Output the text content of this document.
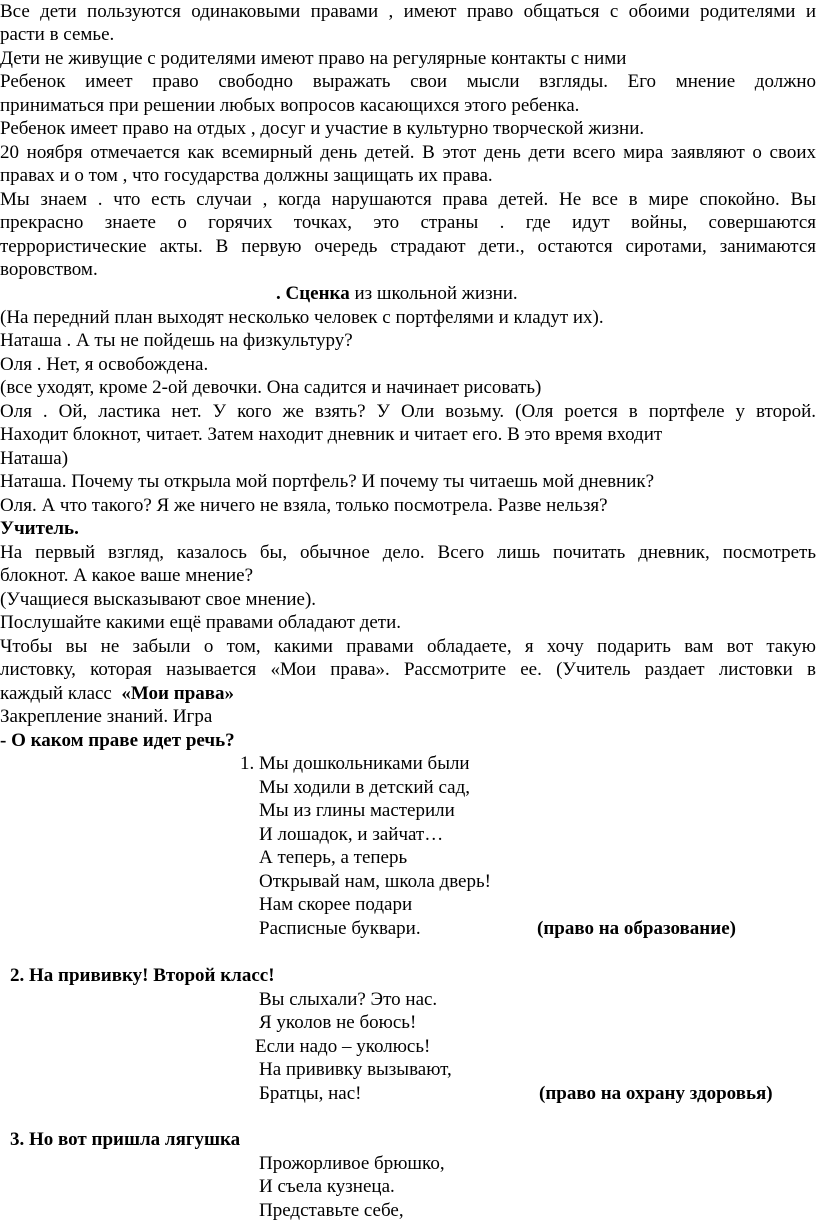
Все дети пользуются одинаковыми правами , имеют право общаться с обоими родителями и
расти в семье.
Дети не живущие с родителями имеют право на регулярные контакты с ними
Ребенок имеет право свободно выражать свои мысли взгляды. Его мнение должно
приниматься при решении любых вопросов касающихся этого ребенка.
Ребенок имеет право на отдых , досуг и участие в культурно творческой жизни.
20 ноября отмечается как всемирный день детей. В этот день дети всего мира заявляют о своих
правах и о том , что государства должны защищать их права.
Мы знаем . что есть случаи , когда нарушаются права детей. Не все в мире спокойно. Вы
прекрасно знаете о горячих точках, это страны . где идут войны, совершаются
террористические акты. В первую очередь страдают дети., остаются сиротами, занимаются
воровством.
. Сценка из школьной жизни.
(На передний план выходят несколько человек с портфелями и кладут их).
Наташа . А ты не пойдешь на физкультуру?
Оля . Нет, я освобождена.
(все уходят, кроме 2-ой девочки. Она садится и начинает рисовать)
Оля . Ой, ластика нет. У кого же взять? У Оли возьму. (Оля роется в портфеле у второй.
Находит блокнот, читает. Затем находит дневник и читает его. В это время входит
Наташа)
Наташа. Почему ты открыла мой портфель? И почему ты читаешь мой дневник?
Оля. А что такого? Я же ничего не взяла, только посмотрела. Разве нельзя?
Учитель.
На первый взгляд, казалось бы, обычное дело. Всего лишь почитать дневник, посмотреть
блокнот. А какое ваше мнение?
(Учащиеся высказывают свое мнение).
Послушайте какими ещё правами обладают дети.
Чтобы вы не забыли о том, какими правами обладаете, я хочу подарить вам вот такую
листовку, которая называется «Мои права». Рассмотрите ее. (Учитель раздает листовки в
каждый класс  «Мои права»
Закрепление знаний. Игра
- О каком праве идет речь?
1. Мы дошкольниками были
Мы ходили в детский сад,
Мы из глины мастерили
И лошадок, и зайчат…
А теперь, а теперь
Открывай нам, школа дверь!
Нам скорее подари
Расписные буквари.	(право на образование)
2. На прививку! Второй класс!
Вы слыхали? Это нас.
Я уколов не боюсь!
Если надо – уколюсь!
На прививку вызывают,
Братцы, нас!	(право на охрану здоровья)
3. Но вот пришла лягушка
Прожорливое брюшко,
И съела кузнеца.
Представьте себе,
